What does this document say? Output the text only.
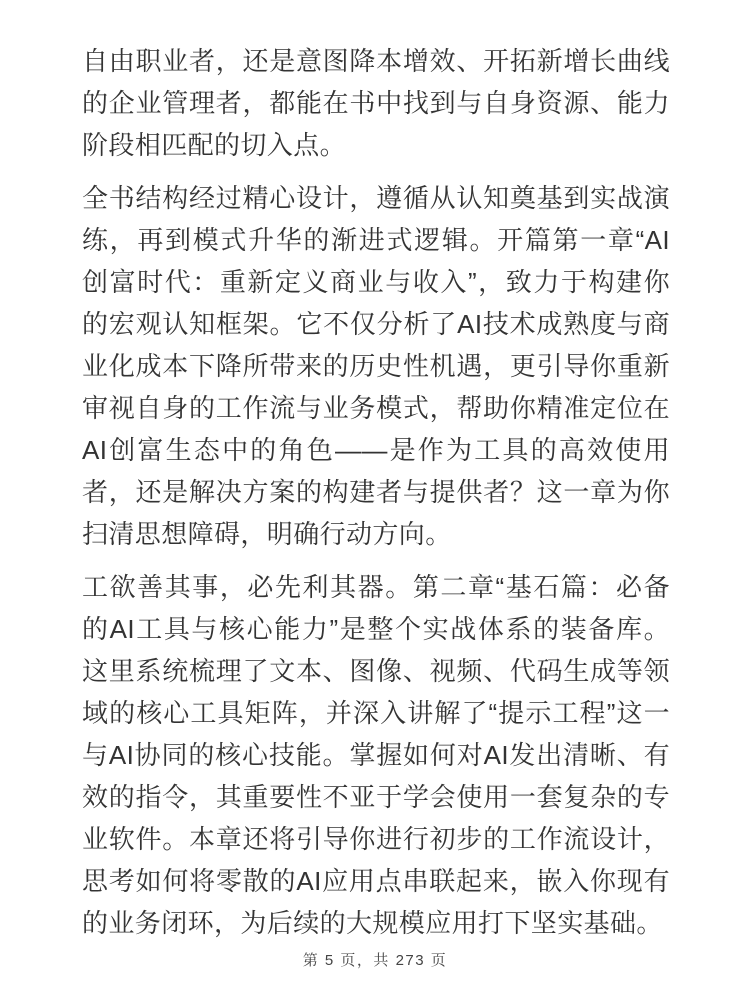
自由职业者，还是意图降本增效、开拓新增长曲线的企业管理者，都能在书中找到与自身资源、能力阶段相匹配的切入点。

全书结构经过精心设计，遵循从认知奠基到实战演练，再到模式升华的渐进式逻辑。开篇第一章“AI创富时代：重新定义商业与收入”，致力于构建你的宏观认知框架。它不仅分析了AI技术成熟度与商业化成本下降所带来的历史性机遇，更引导你重新审视自身的工作流与业务模式，帮助你精准定位在AI创富生态中的角色——是作为工具的高效使用者，还是解决方案的构建者与提供者？这一章为你扫清思想障碍，明确行动方向。

工欲善其事，必先利其器。第二章“基石篇：必备的AI工具与核心能力”是整个实战体系的装备库。这里系统梳理了文本、图像、视频、代码生成等领域的核心工具矩阵，并深入讲解了“提示工程”这一与AI协同的核心技能。掌握如何对AI发出清晰、有效的指令，其重要性不亚于学会使用一套复杂的专业软件。本章还将引导你进行初步的工作流设计，思考如何将零散的AI应用点串联起来，嵌入你现有的业务闭环，为后续的大规模应用打下坚实基础。

第 5 页，共 273 页
